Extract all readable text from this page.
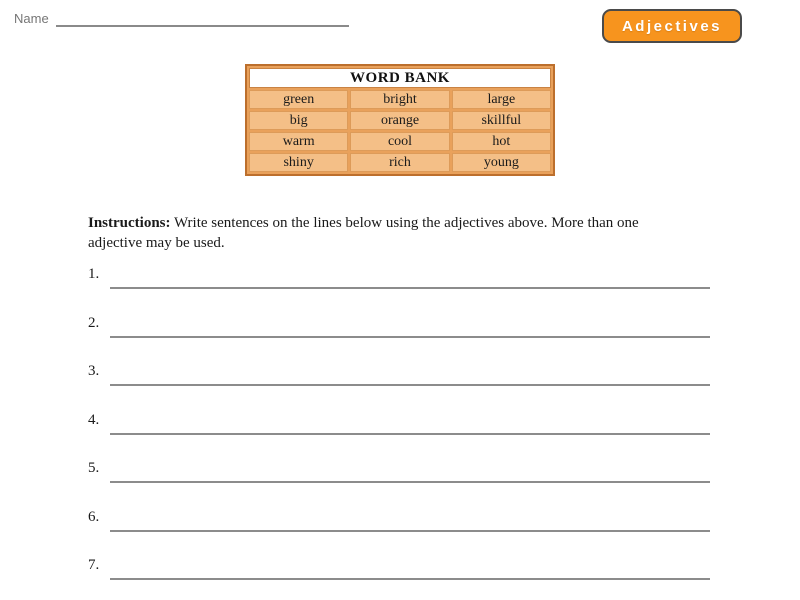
Name	Adjectives
WORD BANK
green	bright	large
big	orange	skillful
warm	cool	hot
shiny	rich	young

Instructions: Write sentences on the lines below using the adjectives above. More than one
adjective may be used.

1.
2.
3.
4.
5.
6.
7.
